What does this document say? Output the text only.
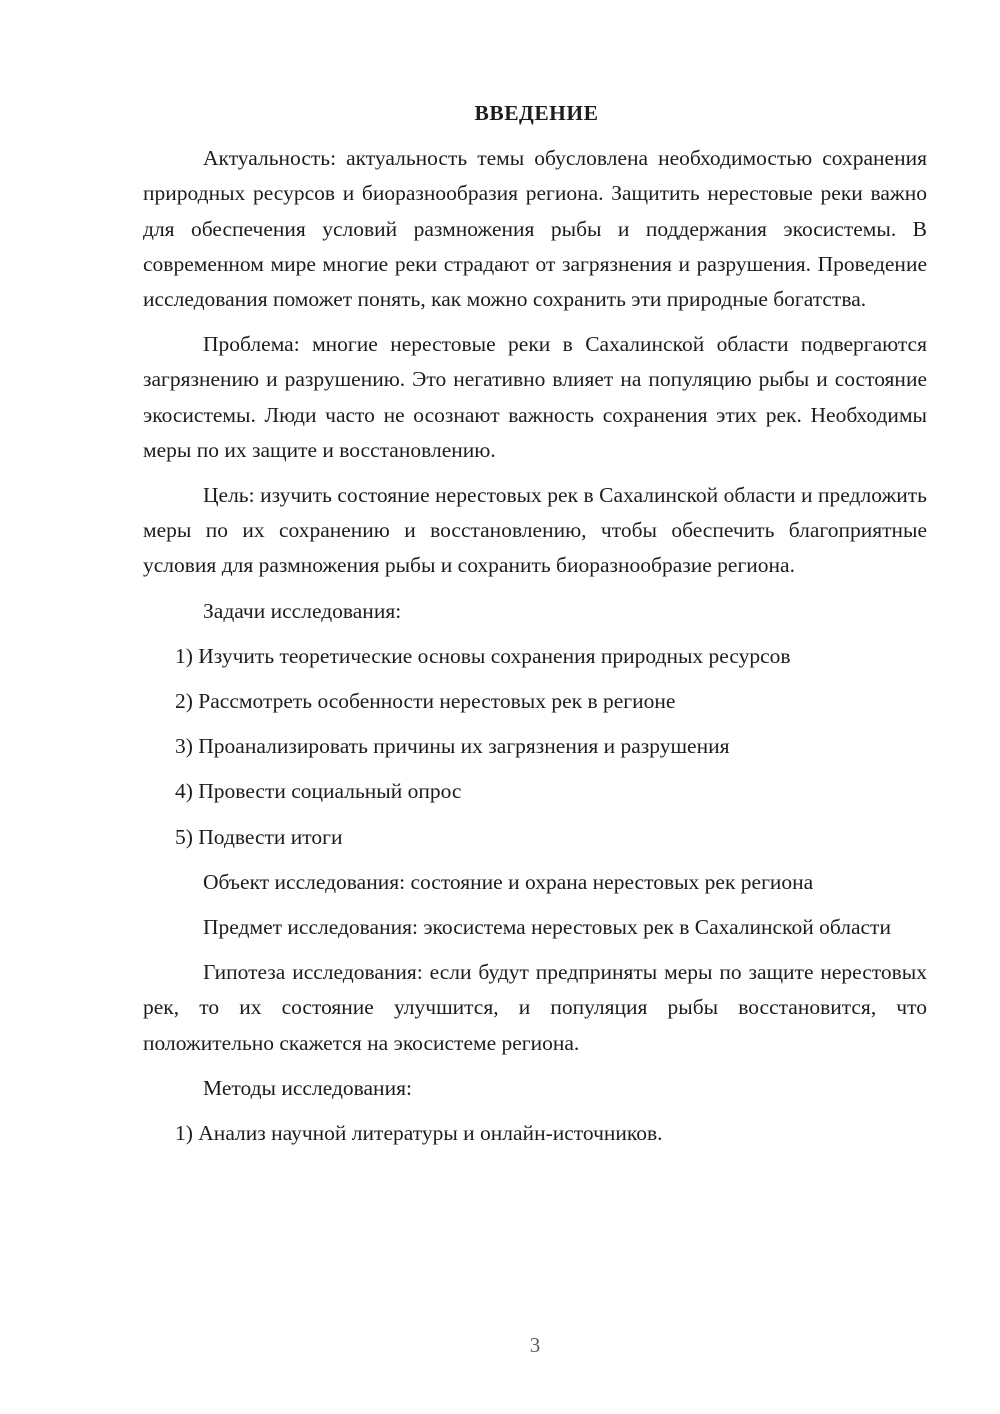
ВВЕДЕНИЕ

Актуальность: актуальность темы обусловлена необходимостью сохранения природных ресурсов и биоразнообразия региона. Защитить нерестовые реки важно для обеспечения условий размножения рыбы и поддержания экосистемы. В современном мире многие реки страдают от загрязнения и разрушения. Проведение исследования поможет понять, как можно сохранить эти природные богатства.

Проблема: многие нерестовые реки в Сахалинской области подвергаются загрязнению и разрушению. Это негативно влияет на популяцию рыбы и состояние экосистемы. Люди часто не осознают важность сохранения этих рек. Необходимы меры по их защите и восстановлению.

Цель: изучить состояние нерестовых рек в Сахалинской области и предложить меры по их сохранению и восстановлению, чтобы обеспечить благоприятные условия для размножения рыбы и сохранить биоразнообразие региона.

Задачи исследования:
1) Изучить теоретические основы сохранения природных ресурсов
2) Рассмотреть особенности нерестовых рек в регионе
3) Проанализировать причины их загрязнения и разрушения
4) Провести социальный опрос
5) Подвести итоги
Объект исследования: состояние и охрана нерестовых рек региона

Предмет исследования: экосистема нерестовых рек в Сахалинской области

Гипотеза исследования: если будут предприняты меры по защите нерестовых рек, то их состояние улучшится, и популяция рыбы восстановится, что положительно скажется на экосистеме региона.

Методы исследования:
1) Анализ научной литературы и онлайн-источников.
3
